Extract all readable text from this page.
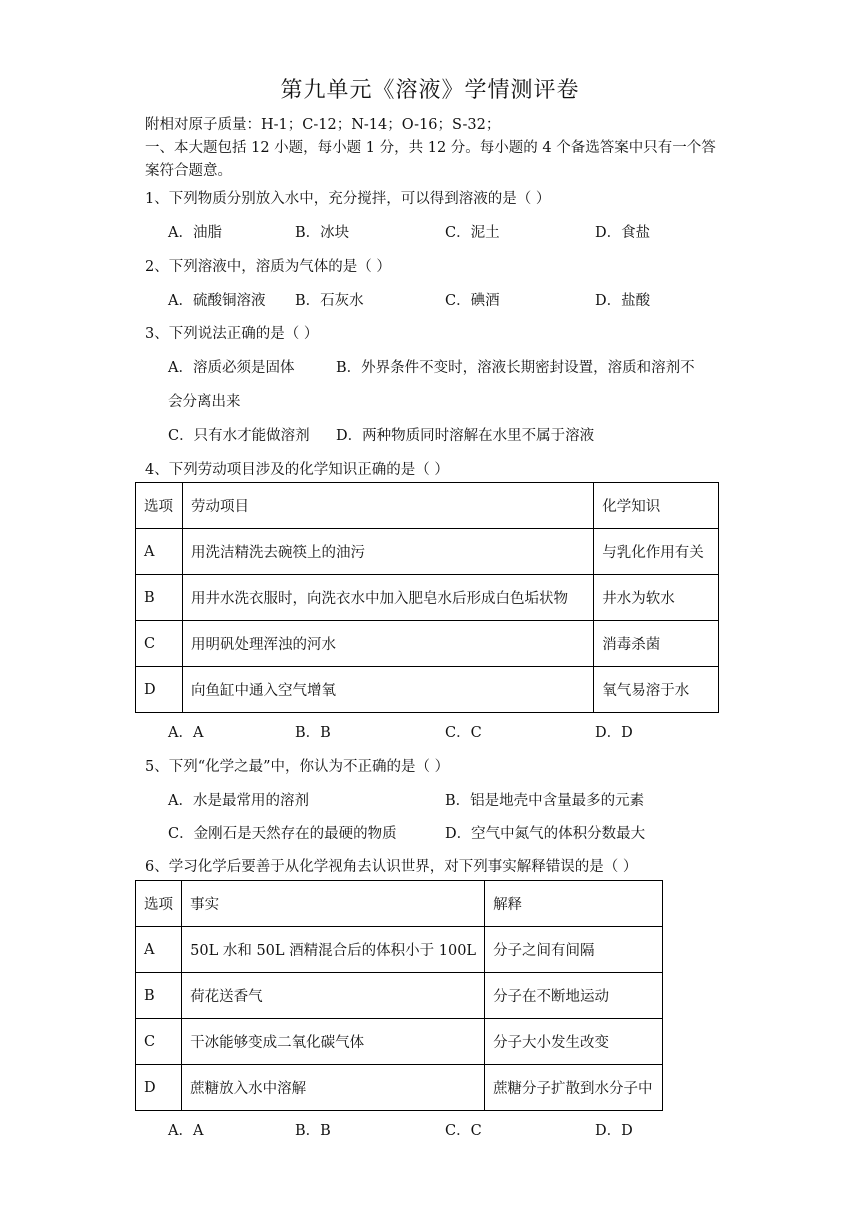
第九单元《溶液》学情测评卷
附相对原子质量：H-1；C-12；N-14；O-16；S-32；
一、本大题包括 12 小题，每小题 1 分，共 12 分。每小题的 4 个备选答案中只有一个答
案符合题意。
1、下列物质分别放入水中，充分搅拌，可以得到溶液的是（ ）
A．油脂	B．冰块	C．泥土	D．食盐
2、下列溶液中，溶质为气体的是（ ）
A．硫酸铜溶液 B．石灰水	C．碘酒	D．盐酸
3、下列说法正确的是（ ）
A．溶质必须是固体	B．外界条件不变时，溶液长期密封设置，溶质和溶剂不
会分离出来
C．只有水才能做溶剂 D．两种物质同时溶解在水里不属于溶液
4、下列劳动项目涉及的化学知识正确的是（ ）
选项	劳动项目	化学知识
A	用洗洁精洗去碗筷上的油污	与乳化作用有关
B	用井水洗衣服时，向洗衣水中加入肥皂水后形成白色垢状物	井水为软水
C	用明矾处理浑浊的河水	消毒杀菌
D	向鱼缸中通入空气增氧	氧气易溶于水
A．A	B．B	C．C	D．D
5、下列“化学之最”中，你认为不正确的是（ ）
A．水是最常用的溶剂	B．铝是地壳中含量最多的元素
C．金刚石是天然存在的最硬的物质	D．空气中氮气的体积分数最大
6、学习化学后要善于从化学视角去认识世界，对下列事实解释错误的是（ ）
选项	事实	解释
A	50L 水和 50L 酒精混合后的体积小于 100L	分子之间有间隔
B	荷花送香气	分子在不断地运动
C	干冰能够变成二氧化碳气体	分子大小发生改变
D	蔗糖放入水中溶解	蔗糖分子扩散到水分子中
A．A	B．B	C．C	D．D
